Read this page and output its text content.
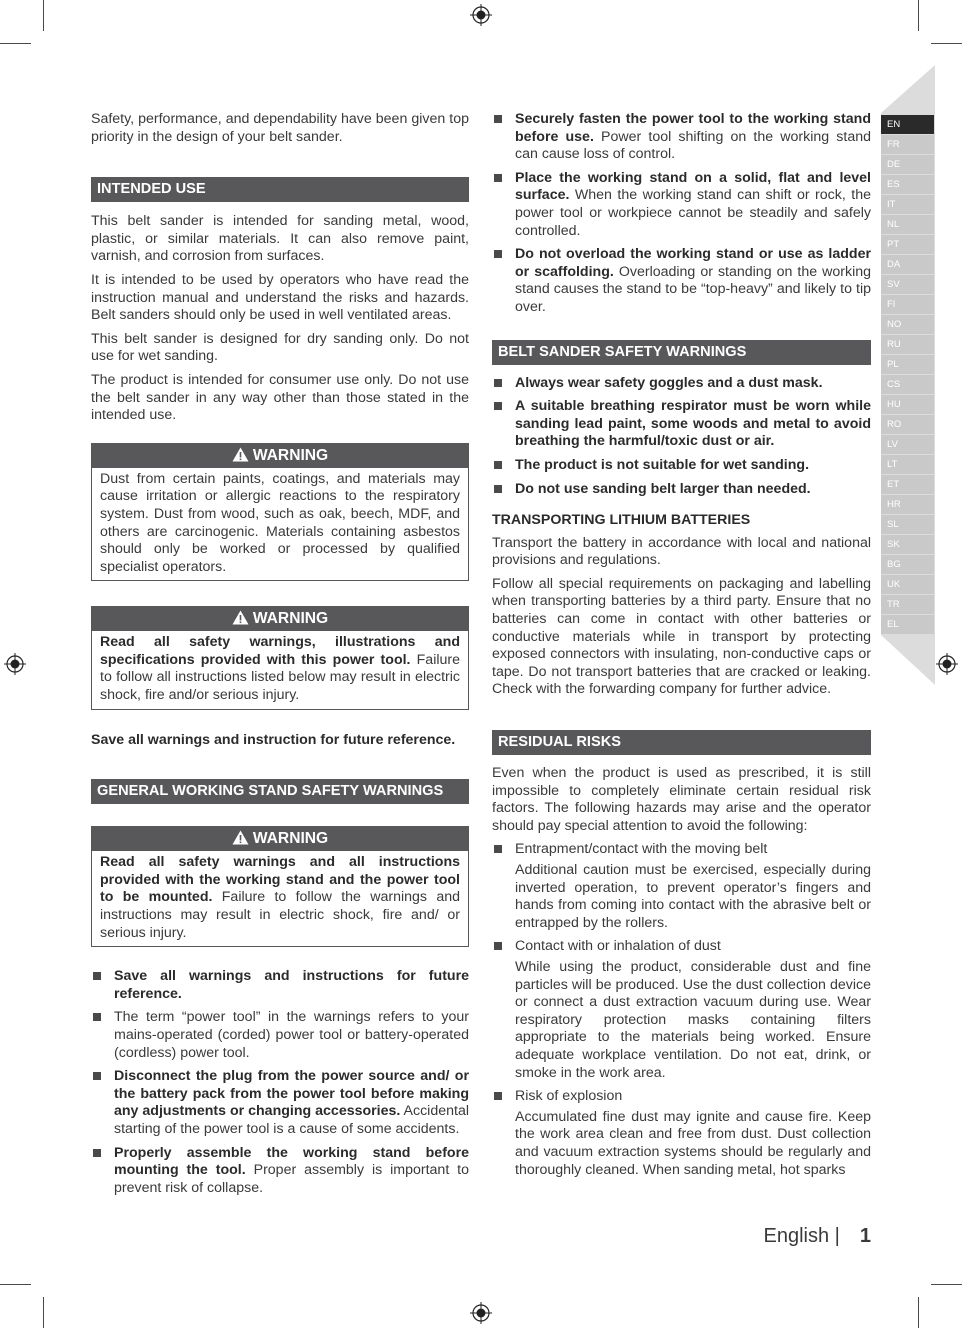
EN
FR
DE
ES
IT
NL
PT
DA
SV
FI
NO
RU
PL
CS
HU
RO
LV
LT
ET
HR
SL
SK
BG
UK
TR
EL

Safety, performance, and dependability have been given top priority in the design of your belt sander.

INTENDED USE

This belt sander is intended for sanding metal, wood, plastic, or similar materials. It can also remove paint, varnish, and corrosion from surfaces.

It is intended to be used by operators who have read the instruction manual and understand the risks and hazards. Belt sanders should only be used in well ventilated areas.

This belt sander is designed for dry sanding only. Do not use for wet sanding.

The product is intended for consumer use only. Do not use the belt sander in any way other than those stated in the intended use.

WARNING
Dust from certain paints, coatings, and materials may cause irritation or allergic reactions to the respiratory system. Dust from wood, such as oak, beech, MDF, and others are carcinogenic. Materials containing asbestos should only be worked or processed by qualified specialist operators.
WARNING
Read all safety warnings, illustrations and specifications provided with this power tool. Failure to follow all instructions listed below may result in electric shock, fire and/or serious injury.

Save all warnings and instruction for future reference.

GENERAL WORKING STAND SAFETY WARNINGS
WARNING
Read all safety warnings and all instructions provided with the working stand and the power tool to be mounted. Failure to follow the warnings and instructions may result in electric shock, fire and/ or serious injury.
Save all warnings and instructions for future reference.
The term “power tool” in the warnings refers to your mains-operated (corded) power tool or battery-operated (cordless) power tool.
Disconnect the plug from the power source and/ or the battery pack from the power tool before making any adjustments or changing accessories. Accidental starting of the power tool is a cause of some accidents.
Properly assemble the working stand before mounting the tool. Proper assembly is important to prevent risk of collapse.
Securely fasten the power tool to the working stand before use. Power tool shifting on the working stand can cause loss of control.
Place the working stand on a solid, flat and level surface. When the working stand can shift or rock, the power tool or workpiece cannot be steadily and safely controlled.
Do not overload the working stand or use as ladder or scaffolding. Overloading or standing on the working stand causes the stand to be “top-heavy” and likely to tip over.
BELT SANDER SAFETY WARNINGS
Always wear safety goggles and a dust mask.
A suitable breathing respirator must be worn while sanding lead paint, some woods and metal to avoid breathing the harmful/toxic dust or air.
The product is not suitable for wet sanding.
Do not use sanding belt larger than needed.

TRANSPORTING LITHIUM BATTERIES

Transport the battery in accordance with local and national provisions and regulations.

Follow all special requirements on packaging and labelling when transporting batteries by a third party. Ensure that no batteries can come in contact with other batteries or conductive materials while in transport by protecting exposed connectors with insulating, non-conductive caps or tape. Do not transport batteries that are cracked or leaking. Check with the forwarding company for further advice.

RESIDUAL RISKS

Even when the product is used as prescribed, it is still impossible to completely eliminate certain residual risk factors. The following hazards may arise and the operator should pay special attention to avoid the following:

Entrapment/contact with the moving belt
Additional caution must be exercised, especially during inverted operation, to prevent operator’s fingers and hands from coming into contact with the abrasive belt or entrapped by the rollers.
Contact with or inhalation of dust
While using the product, considerable dust and fine particles will be produced. Use the dust collection device or connect a dust extraction vacuum during use. Wear respiratory protection masks containing filters appropriate to the materials being worked. Ensure adequate workplace ventilation. Do not eat, drink, or smoke in the work area.
Risk of explosion
Accumulated fine dust may ignite and cause fire. Keep the work area clean and free from dust. Dust collection and vacuum extraction systems should be regularly and thoroughly cleaned. When sanding metal, hot sparks
English | 1
